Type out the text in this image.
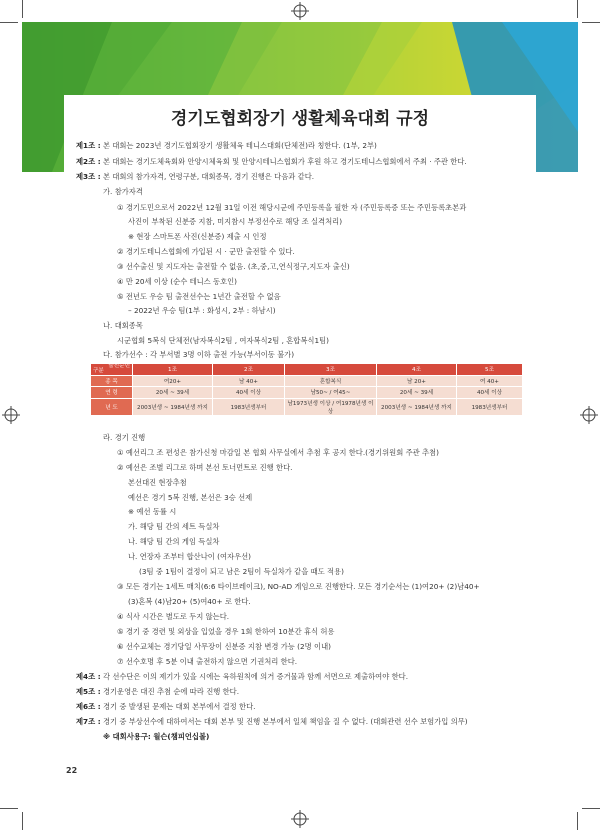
경기도협회장기 생활체육대회 규정
제1조 : 본 대회는 2023년 경기도협회장기 생활체육 테니스대회(단체전)라 칭한다. (1부, 2부)
제2조 : 본 대회는 경기도체육회와 안양시체육회 및 안양시테니스협회가 후원 하고 경기도테니스협회에서 주최 · 주관 한다.
제3조 : 본 대회의 참가자격, 연령구분, 대회종목, 경기 진행은 다음과 같다.
가. 참가자격
① 경기도민으로서 2022년 12월 31일 이전 해당시군에 주민등록을 필한 자 (주민등록증 또는 주민등록초본과
사진이 부착된 신분증 지참, 미지참시 부정선수로 해당 조 실격처리)
※ 현장 스마트폰 사진(신분증) 제출 시 인정
② 경기도테니스협회에 가입된 시 · 군만 출전할 수 있다.
③ 선수출신 및 지도자는 출전할 수 없음. (초,중,고,연식정구,지도자 출신)
④ 만 20세 이상 (순수 테니스 동호인)
⑤ 전년도 우승 팀 출전선수는 1년간 출전할 수 없음
– 2022년 우승 팀(1부 : 화성시, 2부 : 하남시)
나. 대회종목
시군협회 5복식 단체전(남자복식2팀 , 여자복식2팀 , 혼합복식1팀)
다. 참가선수 : 각 부서별 3명 이하 출전 가능(부서이동 불가)
출전순번
구분	1조	2조	3조	4조	5조
종 목	여20+	남 40+	혼합복식	남 20+	여 40+
연 령	20세 ~ 39세	40세 이상	남50~ / 여45~	20세 ~ 39세	40세 이상
년 도	2003년생 ~ 1984년생 까지	1983년생부터	남1973년생 이상 / 여1978년생 이상	2003년생 ~ 1984년생 까지	1983년생부터
라. 경기 진행
① 예선리그 조 편성은 참가신청 마감일 본 협회 사무실에서 추첨 후 공지 한다.(경기위원회 주관 추첨)
② 예선은 조별 리그로 하며 본선 토너먼트로 진행 한다.
본선대진 현장추첨
예선은 경기 5복 진행, 본선은 3승 선제
※ 예선 동률 시
가. 해당 팀 간의 세트 득실차
나. 해당 팀 간의 게임 득실차
나. 연장자 조부터 합산나이 (여자우선)
(3팀 중 1팀이 결정이 되고 남은 2팀이 득실차가 같을 때도 적용)
③ 모든 경기는 1세트 매치(6:6 타이브레이크), NO-AD 게임으로 진행한다. 모든 경기순서는 (1)여20+ (2)남40+
(3)혼복 (4)남20+ (5)여40+ 로 한다.
④ 식사 시간은 별도로 두지 않는다.
⑤ 경기 중 경련 및 외상을 입었을 경우 1회 한하여 10분간 휴식 허용
⑥ 선수교체는 경기당일 사무장이 신분증 지참 변경 가능 (2명 이내)
⑦ 선수호명 후 5분 이내 출전하지 않으면 기권처리 한다.
제4조 : 각 선수단은 이의 제기가 있을 시에는 육하원칙에 의거 증거물과 함께 서면으로 제출하여야 한다.
제5조 : 경기운영은 대진 추첨 순에 따라 진행 한다.
제6조 : 경기 중 발생된 문제는 대회 본부에서 결정 한다.
제7조 : 경기 중 부상선수에 대하여서는 대회 본부 및 진행 본부에서 일체 책임을 질 수 없다. (대회관련 선수 보험가입 의무)
※ 대회사용구: 월슨(챔피언십볼)
22
